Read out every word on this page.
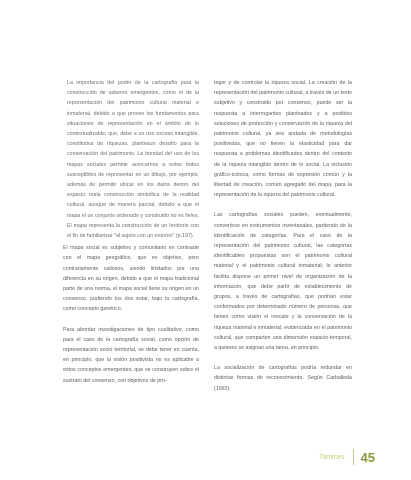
La importancia del poder de la cartografía para la construcción de saberes emergentes, como el de la representación del patrimonio cultural material e inmaterial, debido a que provee los fundamentos para situaciones de representación en el ámbito de lo contextualizable, que, debe a un uso exceso intangible, constitutiva de riquezas, planteaun desafío para la conservación del patrimonio. La bondad del uso de los mapas sociales permite acercarnos a estos todos susceptibles de representar en un dibujo, por ejemplo, además de permitir ubicar en los datos dentro del espacio reala construcción simbólica de la realidad cultural, aunque de manera parcial, debido a que el mapa el un conjunto ordenado y construido no es fieles. El mapa representa la construcción de un territorio con el fin de familiarizar "al sujeto con un entorno" (p.197).

El mapa social es subjetivo y comunitario en contraste con el mapa geográfico, que es objetivo, pero contrariamente valiosos, siendo limitados por una diferencia en su origen, debido a que el mapa tradicional parte de una norma, el mapa social tiene su origen en un consenso, pudiendo los dos estar, bajo la cartografía, como concepto genérico.

Para abordar investigaciones de tipo cualitativo, como para el caso de la cartografía social, como opción de representación socio territorial, se debe tener en cuenta, en principio, que la visión positivista no es aplicable a estos conceptos emergentes, que se construyen sobre el sustrato del consenso, con objetivos de pro-

teger y de controlar la riqueza social. La creación de la representación del patrimonio cultural, a través de un texto subjetivo y construido por consenso, puede ser la respuesta a interrogantes planteados y a posibles soluciones de protección y conservación de la riqueza del patrimonio cultural, ya sea andada de metodologías positivistas, que no tienen la elasticidad para dar respuesta a problemas identificados dentro del contexto de la riqueza intangible dentro de lo social. La inclusión gráfico-icónica, como formas de expresión común y la libertad de creación, común agregado del mapa, para la representación de la riqueza del patrimonio cultural.

Las cartografías sociales pueden, eventualmente, convertirse en instrumentos inventariales, partiendo de la identificación de categorías. Para el caso de la representación del patrimonio cultural, las categorías identificables propuestas son el patrimonio cultural material y el patrimonio cultural inmaterial; lo anterior facilita dispone un primer nivel de organización de la información, que debe partir de establecimiento de grupos, a través de cartografías, que podrían estar conformados por determinado número de personas, que tienen como visión el rescate y la conservación de la riqueza material e inmaterial, evidenciada en el patrimonio cultural, que comparten una dimensión espacio-temporal, a quienes se asignan una tarea, en principio.

La socialización de cartografías podría redundar en distintas formas de reconocimiento. Según Carballeda (1992):

Tamices 45
